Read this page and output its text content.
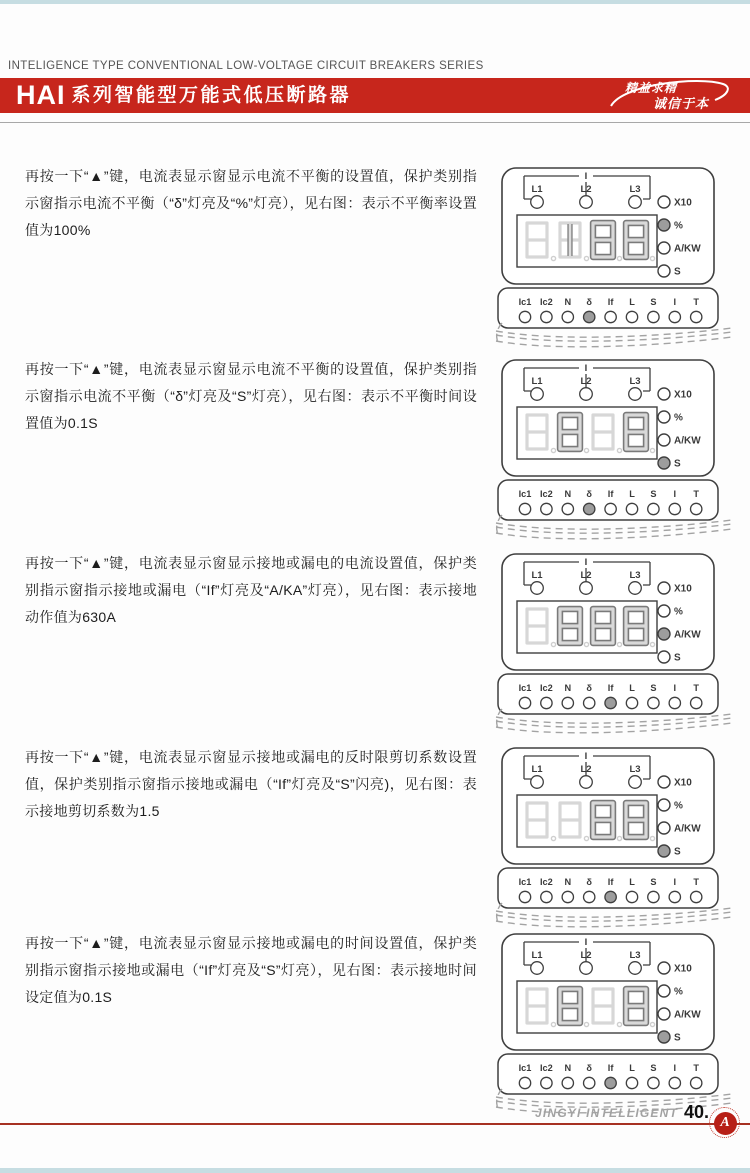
INTELIGENCE TYPE CONVENTIONAL LOW-VOLTAGE CIRCUIT BREAKERS SERIES
HAI 系列智能型万能式低压断路器	精益求精
诚信于本

再按一下“▲”键，电流表显示窗显示电流不平衡的设置值，保护类别指示窗指示电流不平衡（“δ”灯亮及“%”灯亮），见右图：表示不平衡率设置值为100%

I
L1	L2	L3
X10
%
A/KW
S
Ic1 Ic2 N δ If L S I T

再按一下“▲”键，电流表显示窗显示电流不平衡的设置值，保护类别指示窗指示电流不平衡（“δ”灯亮及“S”灯亮），见右图：表示不平衡时间设置值为0.1S

I
L1	L2	L3
X10
%
A/KW
S
Ic1 Ic2 N δ If L S I T

再按一下“▲”键，电流表显示窗显示接地或漏电的电流设置值，保护类别指示窗指示接地或漏电（“If”灯亮及“A/KA”灯亮），见右图：表示接地动作值为630A

I
L1	L2	L3
X10
%
A/KW
S
Ic1 Ic2 N δ If L S I T

再按一下“▲”键，电流表显示窗显示接地或漏电的反时限剪切系数设置值，保护类别指示窗指示接地或漏电（“If”灯亮及“S”闪亮)，见右图：表示接地剪切系数为1.5

I
L1	L2	L3
X10
%
A/KW
S
Ic1 Ic2 N δ If L S I T

再按一下“▲”键，电流表显示窗显示接地或漏电的时间设置值，保护类别指示窗指示接地或漏电（“If”灯亮及“S”灯亮），见右图：表示接地时间设定值为0.1S

I
L1	L2	L3
X10
%
A/KW
S
Ic1 Ic2 N δ If L S I T
JINGYI INTELLIGENT 40.
A
